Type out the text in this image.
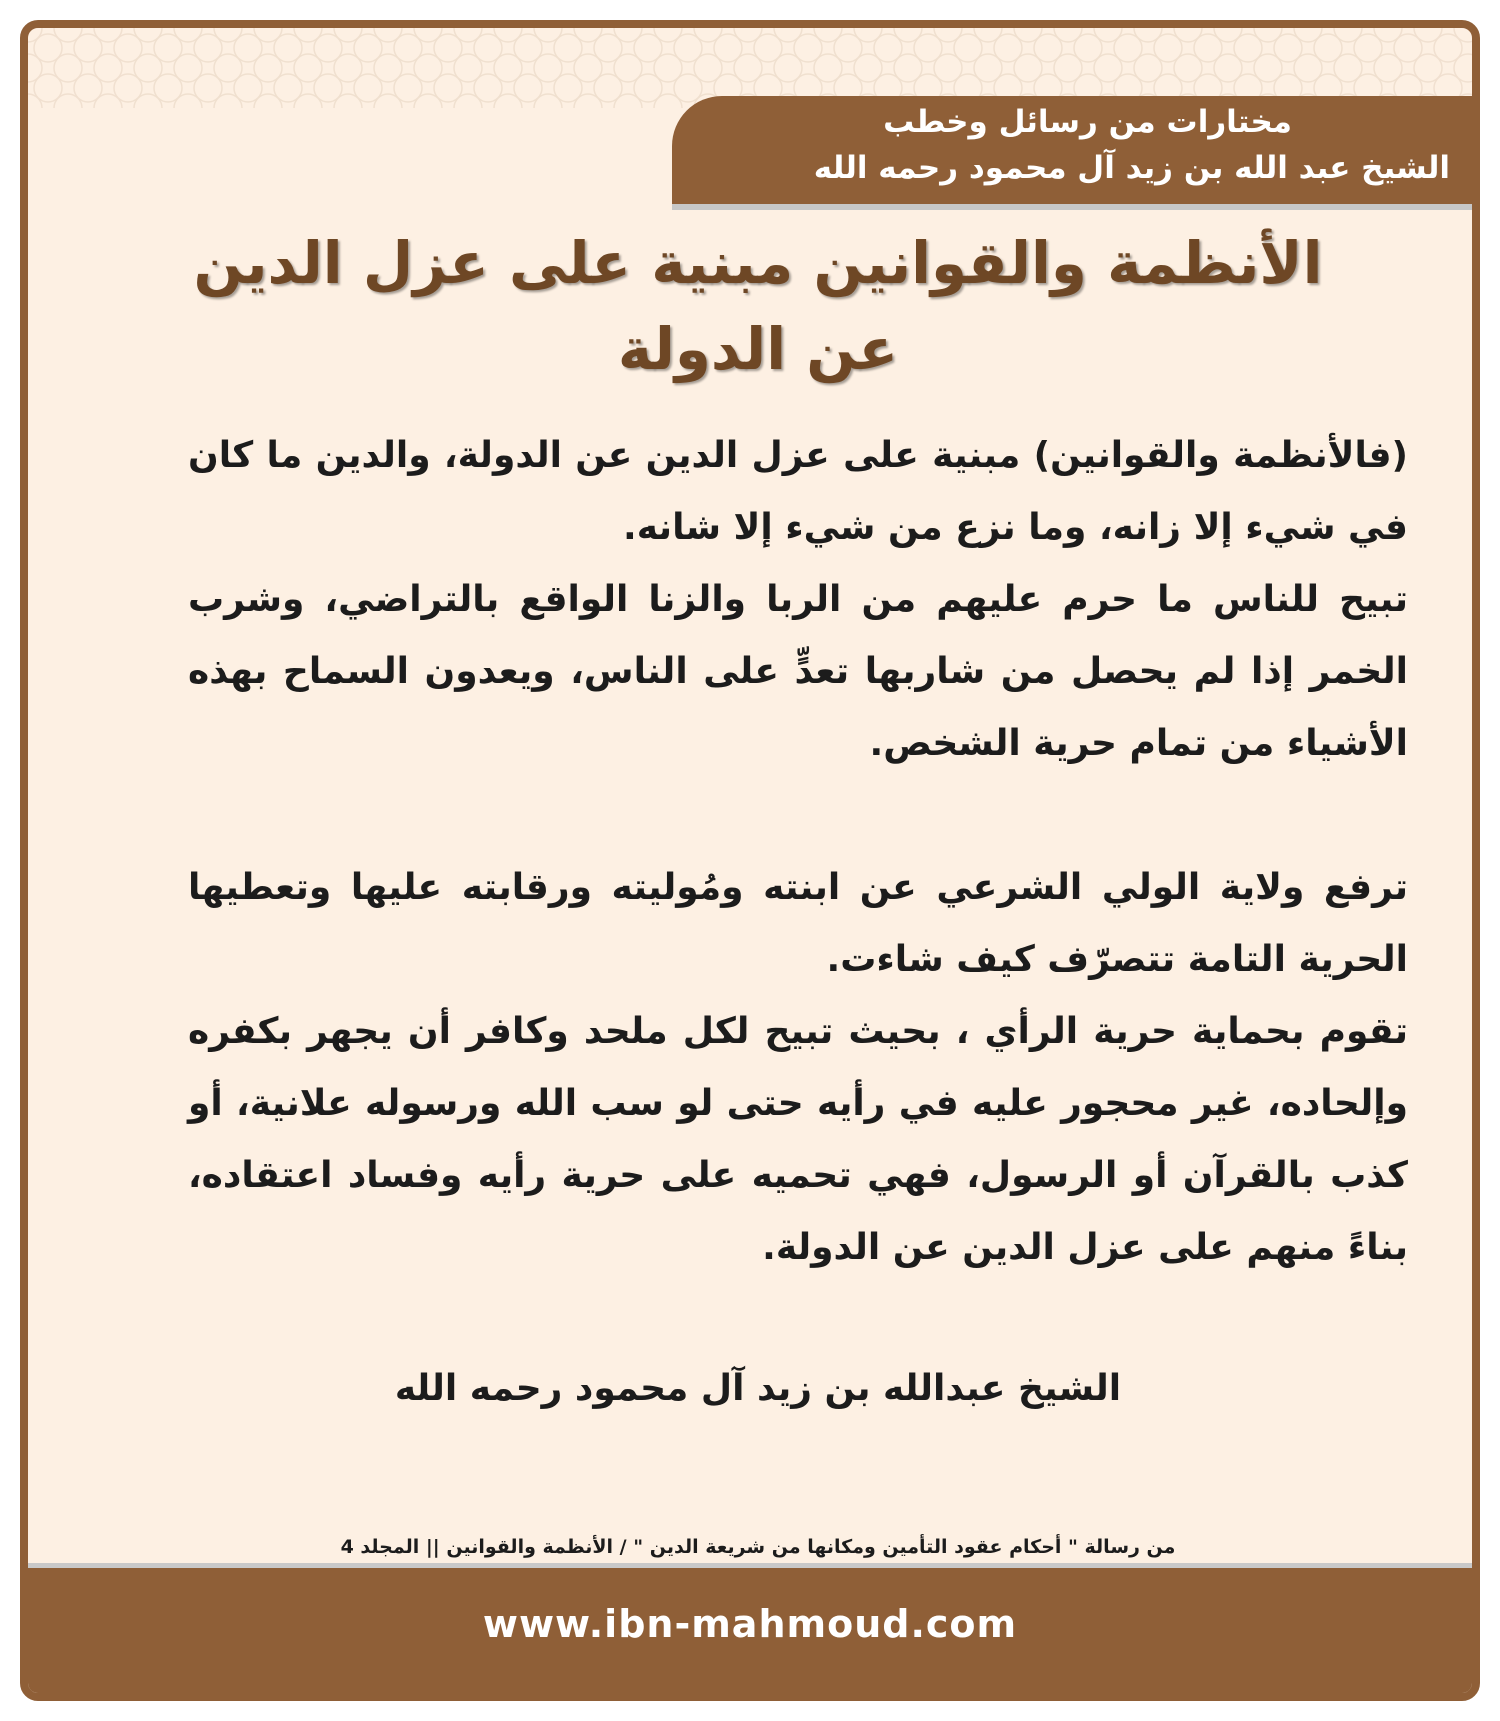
مختارات من رسائل وخطب
الشيخ عبد الله بن زيد آل محمود رحمه الله
الأنظمة والقوانين مبنية على عزل الدين عن الدولة

(فالأنظمة والقوانين) مبنية على عزل الدين عن الدولة، والدين ما كان في شيء إلا زانه، وما نزع من شيء إلا شانه.

تبيح للناس ما حرم عليهم من الربا والزنا الواقع بالتراضي، وشرب الخمر إذا لم يحصل من شاربها تعدٍّ على الناس، ويعدون السماح بهذه الأشياء من تمام حرية الشخص.

ترفع ولاية الولي الشرعي عن ابنته ومُوليته ورقابته عليها وتعطيها الحرية التامة تتصرّف كيف شاءت.

تقوم بحماية حرية الرأي ، بحيث تبيح لكل ملحد وكافر أن يجهر بكفره وإلحاده، غير محجور عليه في رأيه حتى لو سب الله ورسوله علانية، أو كذب بالقرآن أو الرسول، فهي تحميه على حرية رأيه وفساد اعتقاده، بناءً منهم على عزل الدين عن الدولة.

الشيخ عبدالله بن زيد آل محمود رحمه الله
من رسالة " أحكام عقود التأمين ومكانها من شريعة الدين " / الأنظمة والقوانين || المجلد 4
www.ibn-mahmoud.com
